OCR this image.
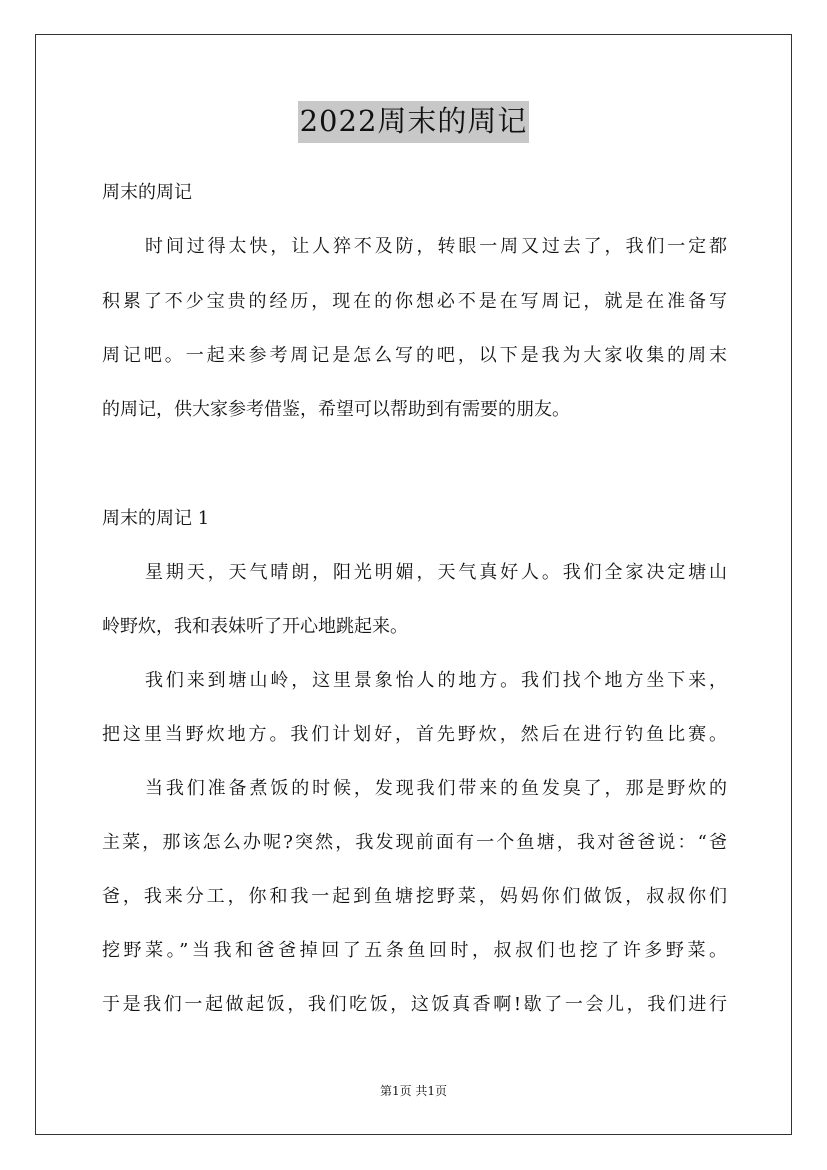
2022周末的周记
周末的周记
时间过得太快，让人猝不及防，转眼一周又过去了，我们一定都
积累了不少宝贵的经历，现在的你想必不是在写周记，就是在准备写
周记吧。一起来参考周记是怎么写的吧，以下是我为大家收集的周末
的周记，供大家参考借鉴，希望可以帮助到有需要的朋友。
周末的周记 1
星期天，天气晴朗，阳光明媚，天气真好人。我们全家决定塘山
岭野炊，我和表妹听了开心地跳起来。
我们来到塘山岭，这里景象怡人的地方。我们找个地方坐下来，
把这里当野炊地方。我们计划好，首先野炊，然后在进行钓鱼比赛。
当我们准备煮饭的时候，发现我们带来的鱼发臭了，那是野炊的
主菜，那该怎么办呢?突然，我发现前面有一个鱼塘，我对爸爸说：“爸
爸，我来分工，你和我一起到鱼塘挖野菜，妈妈你们做饭，叔叔你们
挖野菜。”当我和爸爸掉回了五条鱼回时，叔叔们也挖了许多野菜。
于是我们一起做起饭，我们吃饭，这饭真香啊!歇了一会儿，我们进行
第1页 共1页
